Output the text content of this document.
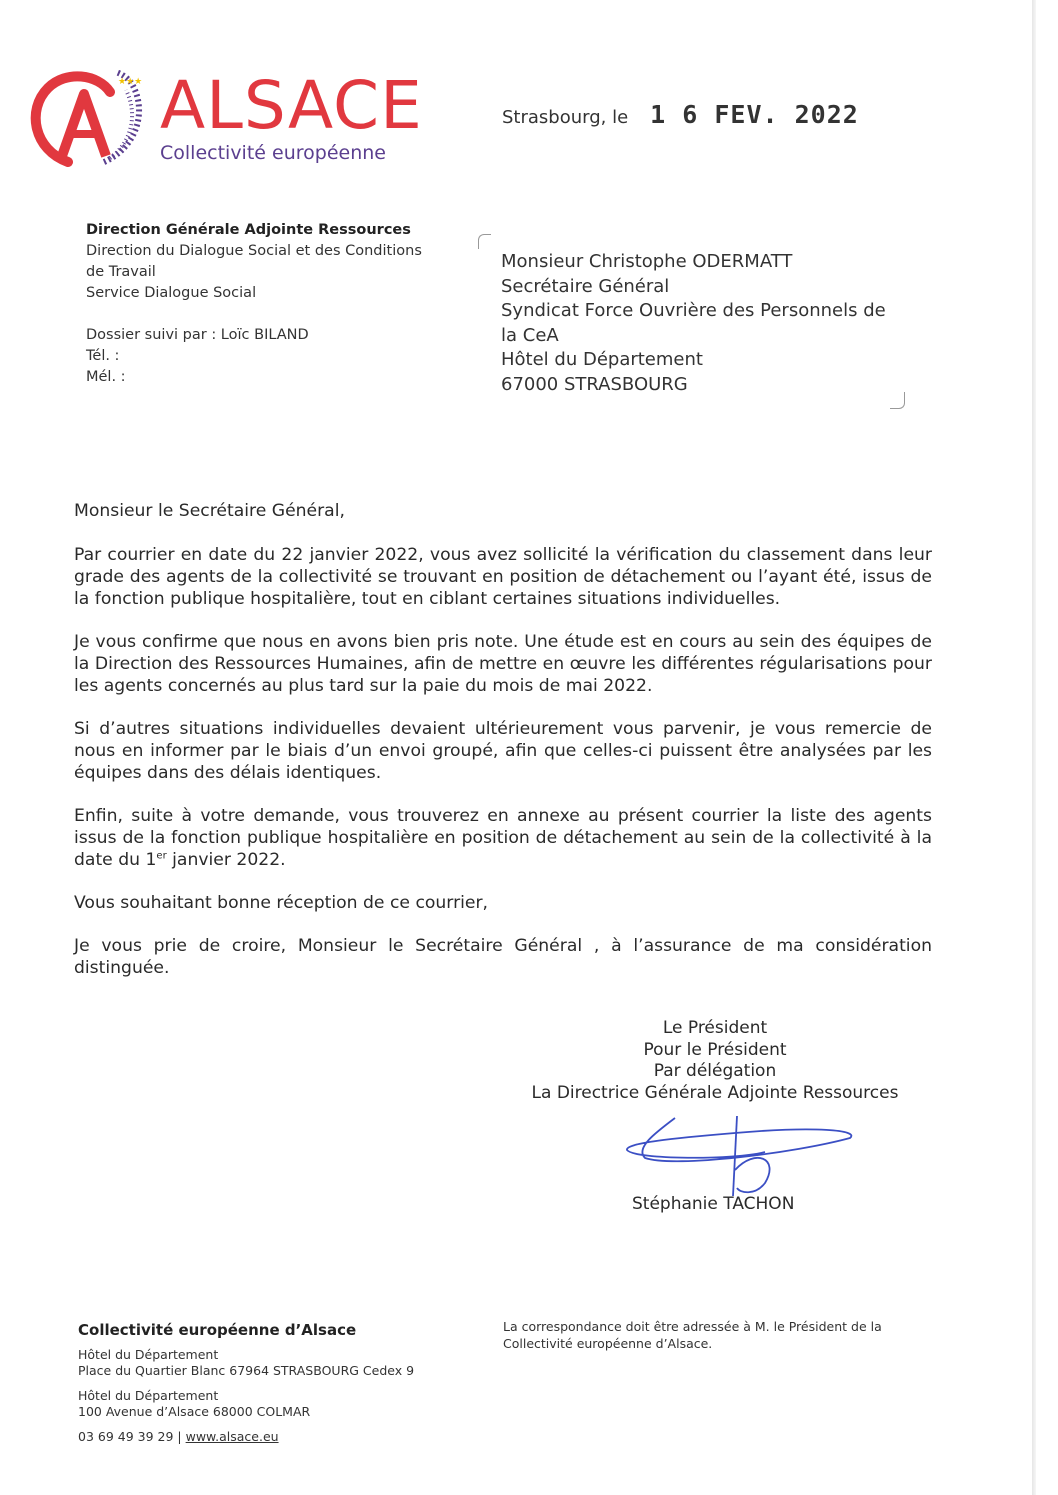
★★★ ALSACE
Collectivité européenne
Strasbourg, le 1 6 FEV. 2022
Direction Générale Adjointe Ressources
Direction du Dialogue Social et des Conditions de Travail
Service Dialogue Social
Dossier suivi par : Loïc BILAND
Tél. :
Mél. :
Monsieur Christophe ODERMATT
Secrétaire Général
Syndicat Force Ouvrière des Personnels de la CeA
Hôtel du Département
67000 STRASBOURG

Monsieur le Secrétaire Général,

Par courrier en date du 22 janvier 2022, vous avez sollicité la vérification du classement dans leur grade des agents de la collectivité se trouvant en position de détachement ou l’ayant été, issus de la fonction publique hospitalière, tout en ciblant certaines situations individuelles.

Je vous confirme que nous en avons bien pris note. Une étude est en cours au sein des équipes de la Direction des Ressources Humaines, afin de mettre en œuvre les différentes régularisations pour les agents concernés au plus tard sur la paie du mois de mai 2022.

Si d’autres situations individuelles devaient ultérieurement vous parvenir, je vous remercie de nous en informer par le biais d’un envoi groupé, afin que celles-ci puissent être analysées par les équipes dans des délais identiques.

Enfin, suite à votre demande, vous trouverez en annexe au présent courrier la liste des agents issus de la fonction publique hospitalière en position de détachement au sein de la collectivité à la date du 1er janvier 2022.

Vous souhaitant bonne réception de ce courrier,

Je vous prie de croire, Monsieur le Secrétaire Général , à l’assurance de ma considération distinguée.

Le Président
Pour le Président
Par délégation
La Directrice Générale Adjointe Ressources
Stéphanie TACHON
Collectivité européenne d’Alsace
Hôtel du Département
Place du Quartier Blanc 67964 STRASBOURG Cedex 9
Hôtel du Département
100 Avenue d’Alsace 68000 COLMAR
03 69 49 39 29 | www.alsace.eu
La correspondance doit être adressée à M. le Président de la Collectivité européenne d’Alsace.
